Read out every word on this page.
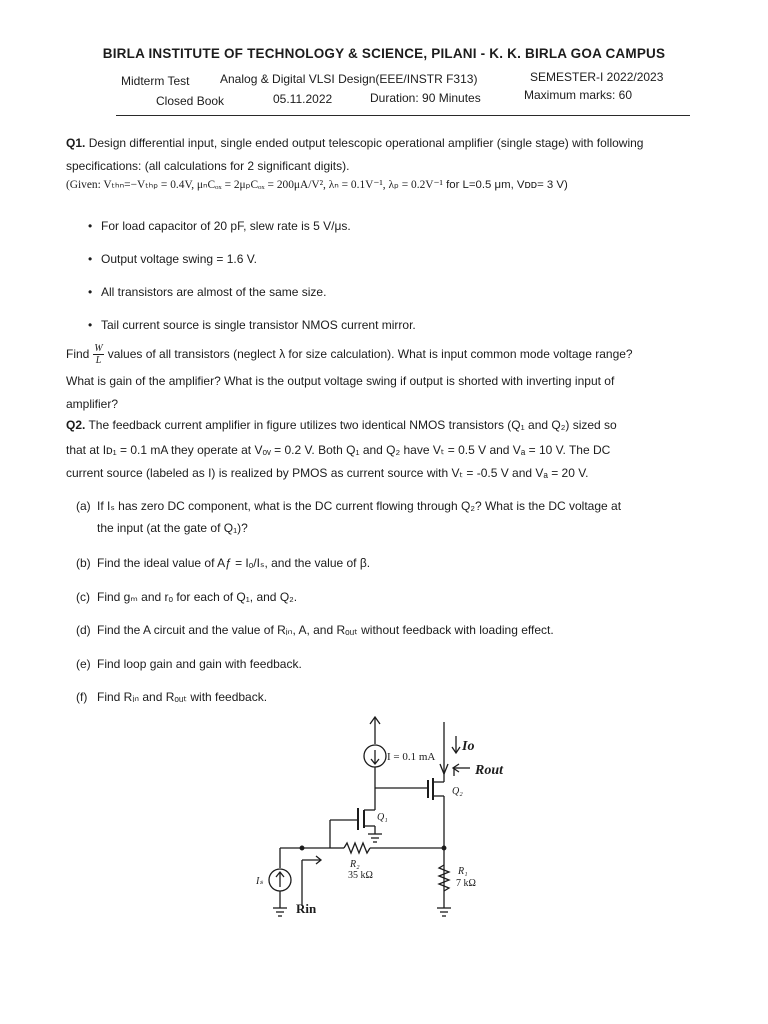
BIRLA INSTITUTE OF TECHNOLOGY & SCIENCE, PILANI - K. K. BIRLA GOA CAMPUS
Midterm Test	Analog & Digital VLSI Design(EEE/INSTR F313)	SEMESTER-I 2022/2023
Closed Book	05.11.2022	Duration: 90 Minutes	Maximum marks: 60
Q1. Design differential input, single ended output telescopic operational amplifier (single stage) with following specifications: (all calculations for 2 significant digits).
(Given: Vₜₕₙ=−Vₜₕₚ = 0.4V, μₙCₒₓ = 2μₚCₒₓ = 200μA/V², λₙ = 0.1V⁻¹, λₚ = 0.2V⁻¹ for L=0.5 μm, Vᴅᴅ= 3 V)
• For load capacitor of 20 pF, slew rate is 5 V/μs.
• Output voltage swing = 1.6 V.
• All transistors are almost of the same size.
• Tail current source is single transistor NMOS current mirror.
Find $\frac{W}{L}$ values of all transistors (neglect λ for size calculation). What is input common mode voltage range?
What is gain of the amplifier? What is the output voltage swing if output is shorted with inverting input of
amplifier?
Q2. The feedback current amplifier in figure utilizes two identical NMOS transistors (Q₁ and Q₂) sized so
that at Iᴅ₁ = 0.1 mA they operate at Vₒᵥ = 0.2 V. Both Q₁ and Q₂ have Vₜ = 0.5 V and Vₐ = 10 V. The DC
current source (labeled as I) is realized by PMOS as current source with Vₜ = -0.5 V and Vₐ = 20 V.
(a) If Iₛ has zero DC component, what is the DC current flowing through Q₂? What is the DC voltage at
the input (at the gate of Q₁)?
(b) Find the ideal value of Aƒ = Iₒ/Iₛ, and the value of β.
(c) Find gₘ and rₒ for each of Q₁, and Q₂.
(d) Find the A circuit and the value of Rᵢₙ, A, and Rₒᵤₜ without feedback with loading effect.
(e) Find loop gain and gain with feedback.
(f) Find Rᵢₙ and Rₒᵤₜ with feedback.
I = 0.1 mA
Q₂
Io
Rout
Q₁
R₂
35 kΩ	R₁
7 kΩ
Iₛ
Rin
